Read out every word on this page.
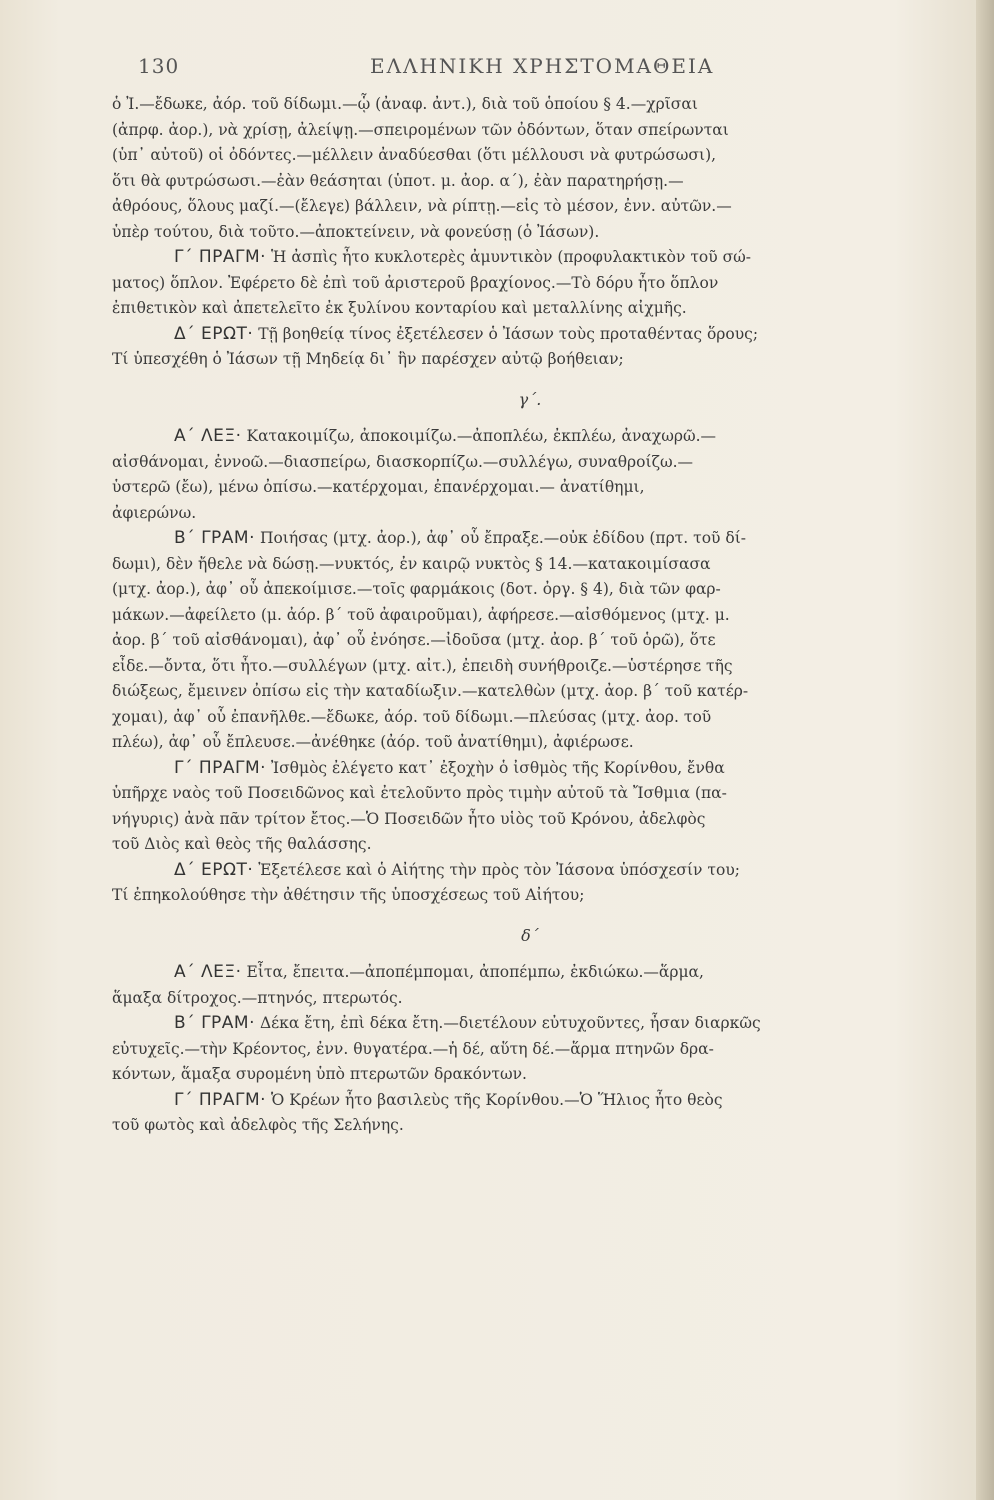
130	ΕΛΛΗΝΙΚΗ ΧΡΗΣΤΟΜΑΘΕΙΑ
ὁ Ἰ.—ἔδωκε, ἀόρ. τοῦ δίδωμι.—ᾧ (ἀναφ. ἀντ.), διὰ τοῦ ὁποίου § 4.—χρῖσαι
(ἀπρφ. ἀορ.), νὰ χρίσῃ, ἀλείψῃ.—σπειρομένων τῶν ὀδόντων, ὅταν σπείρωνται
(ὑπ᾽ αὐτοῦ) οἱ ὀδόντες.—μέλλειν ἀναδύεσθαι (ὅτι μέλλουσι νὰ φυτρώσωσι),
ὅτι θὰ φυτρώσωσι.—ἐὰν θεάσηται (ὑποτ. μ. ἀορ. α΄), ἐὰν παρατηρήσῃ.—
ἀθρόους, ὅλους μαζί.—(ἔλεγε) βάλλειν, νὰ ρίπτῃ.—εἰς τὸ μέσον, ἐνν. αὐτῶν.—
ὑπὲρ τούτου, διὰ τοῦτο.—ἀποκτείνειν, νὰ φονεύσῃ (ὁ Ἰάσων).
Γ΄ ΠΡΑΓΜ· Ἡ ἀσπὶς ἦτο κυκλοτερὲς ἀμυντικὸν (προφυλακτικὸν τοῦ σώ-
ματος) ὅπλον. Ἐφέρετο δὲ ἐπὶ τοῦ ἀριστεροῦ βραχίονος.—Τὸ δόρυ ἦτο ὅπλον
ἐπιθετικὸν καὶ ἀπετελεῖτο ἐκ ξυλίνου κονταρίου καὶ μεταλλίνης αἰχμῆς.
Δ΄ ΕΡΩΤ· Τῇ βοηθείᾳ τίνος ἐξετέλεσεν ὁ Ἰάσων τοὺς προταθέντας ὅρους;
Τί ὑπεσχέθη ὁ Ἰάσων τῇ Μηδείᾳ δι᾽ ἣν παρέσχεν αὐτῷ βοήθειαν;
γ΄.
Α΄ ΛΕΞ· Κατακοιμίζω, ἀποκοιμίζω.—ἀποπλέω, ἐκπλέω, ἀναχωρῶ.—
αἰσθάνομαι, ἐννοῶ.—διασπείρω, διασκορπίζω.—συλλέγω, συναθροίζω.—
ὑστερῶ (ἔω), μένω ὀπίσω.—κατέρχομαι, ἐπανέρχομαι.— ἀνατίθημι,
ἀφιερώνω.
Β΄ ΓΡΑΜ· Ποιήσας (μτχ. ἀορ.), ἀφ᾽ οὗ ἔπραξε.—οὐκ ἐδίδου (πρτ. τοῦ δί-
δωμι), δὲν ἤθελε νὰ δώσῃ.—νυκτός, ἐν καιρῷ νυκτὸς § 14.—κατακοιμίσασα
(μτχ. ἀορ.), ἀφ᾽ οὗ ἀπεκοίμισε.—τοῖς φαρμάκοις (δοτ. ὀργ. § 4), διὰ τῶν φαρ-
μάκων.—ἀφείλετο (μ. ἀόρ. β΄ τοῦ ἀφαιροῦμαι), ἀφήρεσε.—αἰσθόμενος (μτχ. μ.
ἀορ. β΄ τοῦ αἰσθάνομαι), ἀφ᾽ οὗ ἐνόησε.—ἰδοῦσα (μτχ. ἀορ. β΄ τοῦ ὁρῶ), ὅτε
εἶδε.—ὄντα, ὅτι ἦτο.—συλλέγων (μτχ. αἰτ.), ἐπειδὴ συνήθροιζε.—ὑστέρησε τῆς
διώξεως, ἔμεινεν ὀπίσω εἰς τὴν καταδίωξιν.—κατελθὼν (μτχ. ἀορ. β΄ τοῦ κατέρ-
χομαι), ἀφ᾽ οὗ ἐπανῆλθε.—ἔδωκε, ἀόρ. τοῦ δίδωμι.—πλεύσας (μτχ. ἀορ. τοῦ
πλέω), ἀφ᾽ οὗ ἔπλευσε.—ἀνέθηκε (ἀόρ. τοῦ ἀνατίθημι), ἀφιέρωσε.
Γ΄ ΠΡΑΓΜ· Ἰσθμὸς ἐλέγετο κατ᾽ ἐξοχὴν ὁ ἰσθμὸς τῆς Κορίνθου, ἔνθα
ὑπῆρχε ναὸς τοῦ Ποσειδῶνος καὶ ἐτελοῦντο πρὸς τιμὴν αὐτοῦ τὰ Ἴσθμια (πα-
νήγυρις) ἀνὰ πᾶν τρίτον ἔτος.—Ὁ Ποσειδῶν ἦτο υἱὸς τοῦ Κρόνου, ἀδελφὸς
τοῦ Διὸς καὶ θεὸς τῆς θαλάσσης.
Δ΄ ΕΡΩΤ· Ἐξετέλεσε καὶ ὁ Αἰήτης τὴν πρὸς τὸν Ἰάσονα ὑπόσχεσίν του;
Τί ἐπηκολούθησε τὴν ἀθέτησιν τῆς ὑποσχέσεως τοῦ Αἰήτου;
δ΄
Α΄ ΛΕΞ· Εἶτα, ἔπειτα.—ἀποπέμπομαι, ἀποπέμπω, ἐκδιώκω.—ἅρμα,
ἅμαξα δίτροχος.—πτηνός, πτερωτός.
Β΄ ΓΡΑΜ· Δέκα ἔτη, ἐπὶ δέκα ἔτη.—διετέλουν εὐτυχοῦντες, ἦσαν διαρκῶς
εὐτυχεῖς.—τὴν Κρέοντος, ἐνν. θυγατέρα.—ἡ δέ, αὕτη δέ.—ἅρμα πτηνῶν δρα-
κόντων, ἅμαξα συρομένη ὑπὸ πτερωτῶν δρακόντων.
Γ΄ ΠΡΑΓΜ· Ὁ Κρέων ἦτο βασιλεὺς τῆς Κορίνθου.—Ὁ Ἥλιος ἦτο θεὸς
τοῦ φωτὸς καὶ ἀδελφὸς τῆς Σελήνης.
